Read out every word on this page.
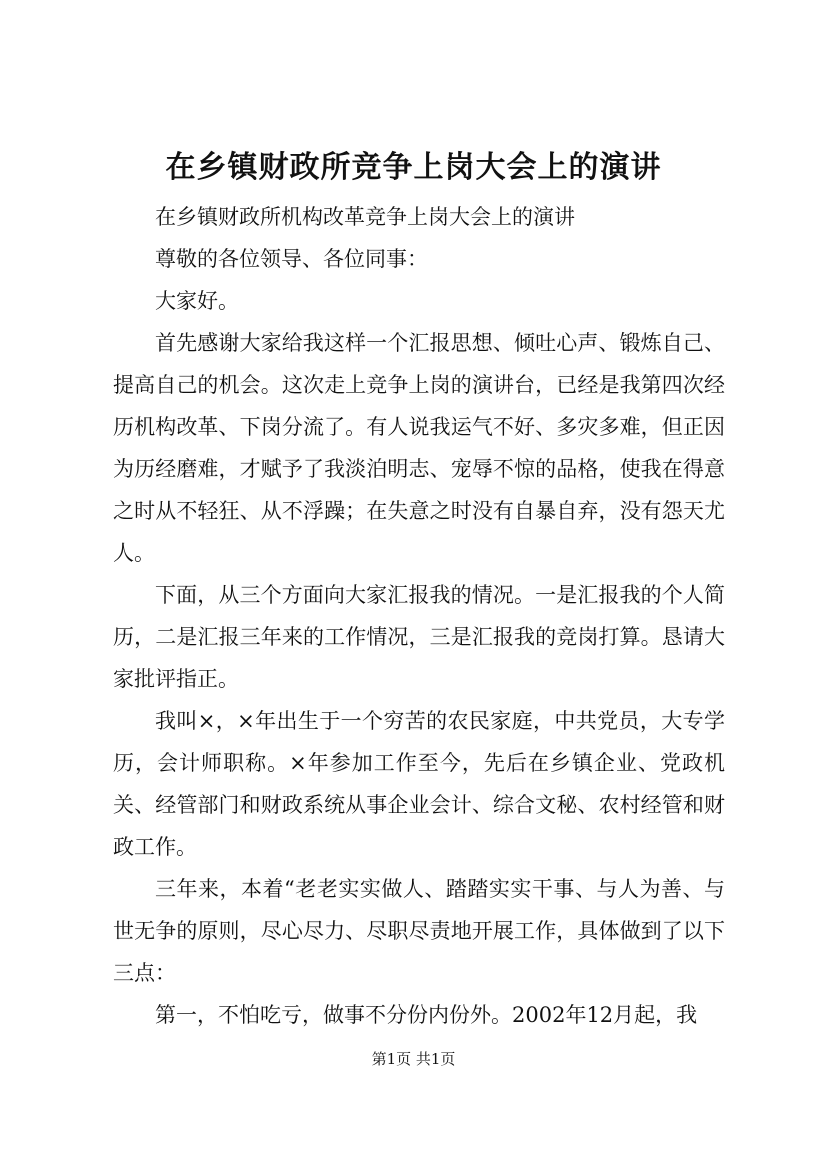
在乡镇财政所竞争上岗大会上的演讲

在乡镇财政所机构改革竞争上岗大会上的演讲

尊敬的各位领导、各位同事：

大家好。

首先感谢大家给我这样一个汇报思想、倾吐心声、锻炼自己、提高自己的机会。这次走上竞争上岗的演讲台，已经是我第四次经历机构改革、下岗分流了。有人说我运气不好、多灾多难，但正因为历经磨难，才赋予了我淡泊明志、宠辱不惊的品格，使我在得意之时从不轻狂、从不浮躁；在失意之时没有自暴自弃，没有怨天尤人。

下面，从三个方面向大家汇报我的情况。一是汇报我的个人简历，二是汇报三年来的工作情况，三是汇报我的竞岗打算。恳请大家批评指正。

我叫×，×年出生于一个穷苦的农民家庭，中共党员，大专学历，会计师职称。×年参加工作至今，先后在乡镇企业、党政机关、经管部门和财政系统从事企业会计、综合文秘、农村经管和财政工作。

三年来，本着“老老实实做人、踏踏实实干事、与人为善、与世无争的原则，尽心尽力、尽职尽责地开展工作，具体做到了以下三点：

第一，不怕吃亏，做事不分份内份外。2002年12月起，我

第1页 共1页
